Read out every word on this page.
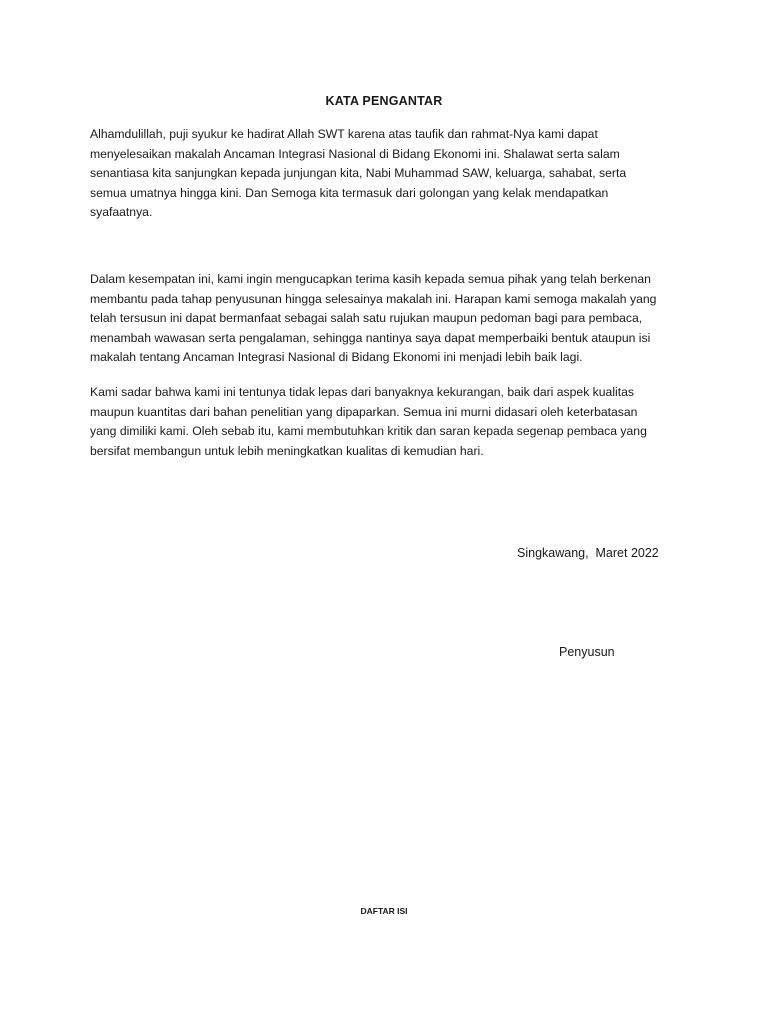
KATA PENGANTAR

Alhamdulillah, puji syukur ke hadirat Allah SWT karena atas taufik dan rahmat-Nya kami dapat
menyelesaikan makalah Ancaman Integrasi Nasional di Bidang Ekonomi ini. Shalawat serta salam
senantiasa kita sanjungkan kepada junjungan kita, Nabi Muhammad SAW, keluarga, sahabat, serta
semua umatnya hingga kini. Dan Semoga kita termasuk dari golongan yang kelak mendapatkan
syafaatnya.

Dalam kesempatan ini, kami ingin mengucapkan terima kasih kepada semua pihak yang telah berkenan
membantu pada tahap penyusunan hingga selesainya makalah ini. Harapan kami semoga makalah yang
telah tersusun ini dapat bermanfaat sebagai salah satu rujukan maupun pedoman bagi para pembaca,
menambah wawasan serta pengalaman, sehingga nantinya saya dapat memperbaiki bentuk ataupun isi
makalah tentang Ancaman Integrasi Nasional di Bidang Ekonomi ini menjadi lebih baik lagi.

Kami sadar bahwa kami ini tentunya tidak lepas dari banyaknya kekurangan, baik dari aspek kualitas
maupun kuantitas dari bahan penelitian yang dipaparkan. Semua ini murni didasari oleh keterbatasan
yang dimiliki kami. Oleh sebab itu, kami membutuhkan kritik dan saran kepada segenap pembaca yang
bersifat membangun untuk lebih meningkatkan kualitas di kemudian hari.

Singkawang,  Maret 2022
Penyusun
DAFTAR ISI
